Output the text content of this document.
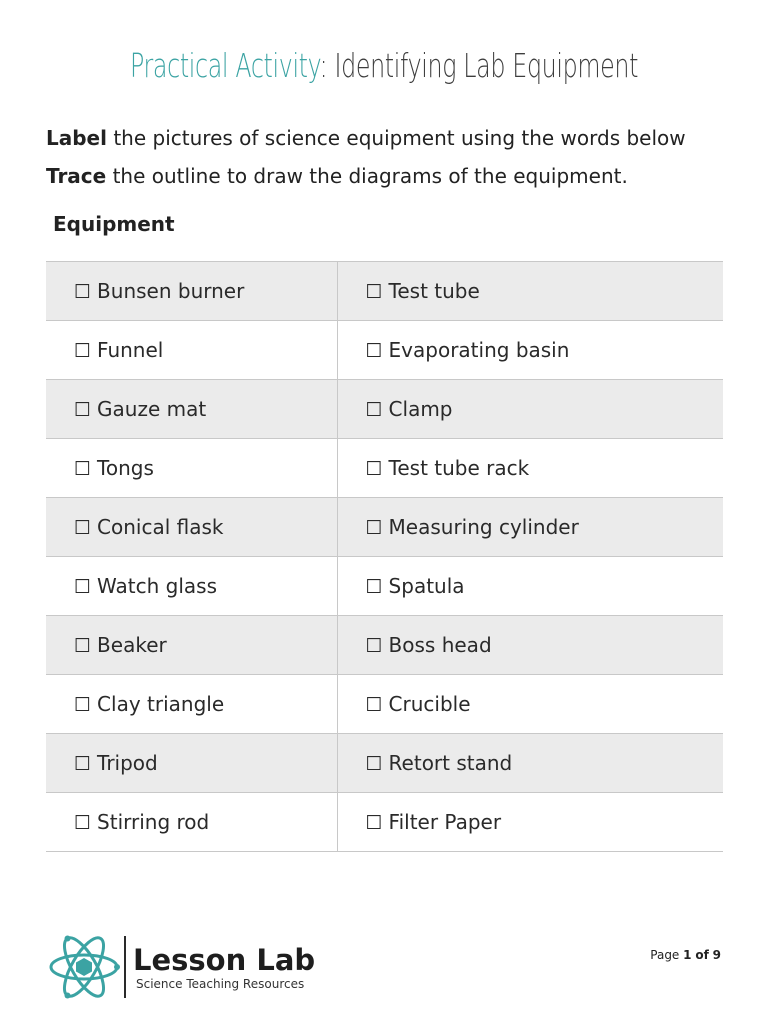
Practical Activity: Identifying Lab Equipment
Label the pictures of science equipment using the words below
Trace the outline to draw the diagrams of the equipment.
Equipment
☐ Bunsen burner	☐ Test tube
☐ Funnel	☐ Evaporating basin
☐ Gauze mat	☐ Clamp
☐ Tongs	☐ Test tube rack
☐ Conical flask	☐ Measuring cylinder
☐ Watch glass	☐ Spatula
☐ Beaker	☐ Boss head
☐ Clay triangle	☐ Crucible
☐ Tripod	☐ Retort stand
☐ Stirring rod	☐ Filter Paper
Lesson Lab
Science Teaching Resources
Page 1 of 9
